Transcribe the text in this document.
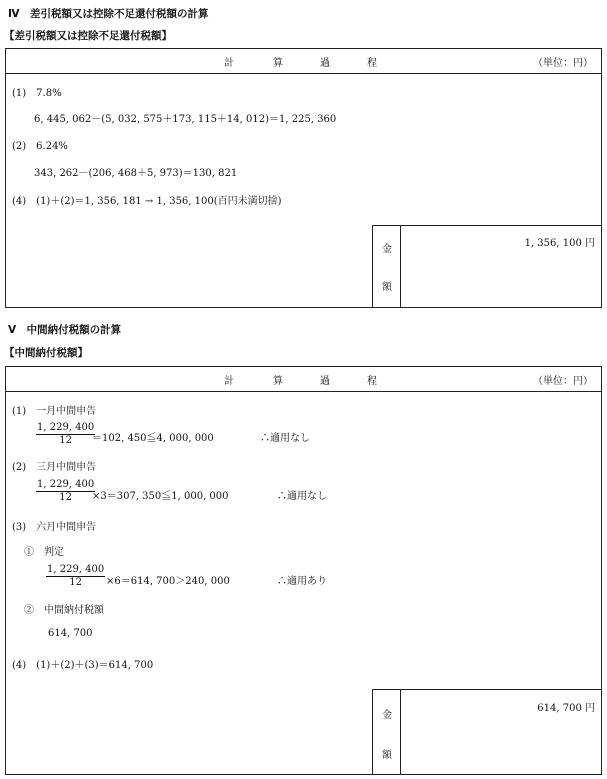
Ⅳ　差引税額又は控除不足還付税額の計算
【差引税額又は控除不足還付税額】
計	算	過	程	（単位：円）
(1)　7.8%
6, 445, 062－(5, 032, 575＋173, 115＋14, 012)＝1, 225, 360
(2)　6.24%
343, 262－(206, 468＋5, 973)＝130, 821
(4)　(1)＋(2)＝1, 356, 181 → 1, 356, 100(百円未満切捨)
金
額
1, 356, 100 円
Ⅴ　中間納付税額の計算
【中間納付税額】
計	算	過	程	（単位：円）
(1)　一月中間申告
$\frac{1, 229, 400}{12}$
＝102, 450≦4, 000, 000	∴適用なし
(2)　三月中間申告
$\frac{1, 229, 400}{12}$
×3＝307, 350≦1, 000, 000	∴適用なし
(3)　六月中間申告
①　判定
$\frac{1, 229, 400}{12} \times 6=614$, 700＞240, 000	∴適用あり
②　中間納付税額
614, 700
(4)　(1)＋(2)＋(3)＝614, 700
金
額
614, 700 円
